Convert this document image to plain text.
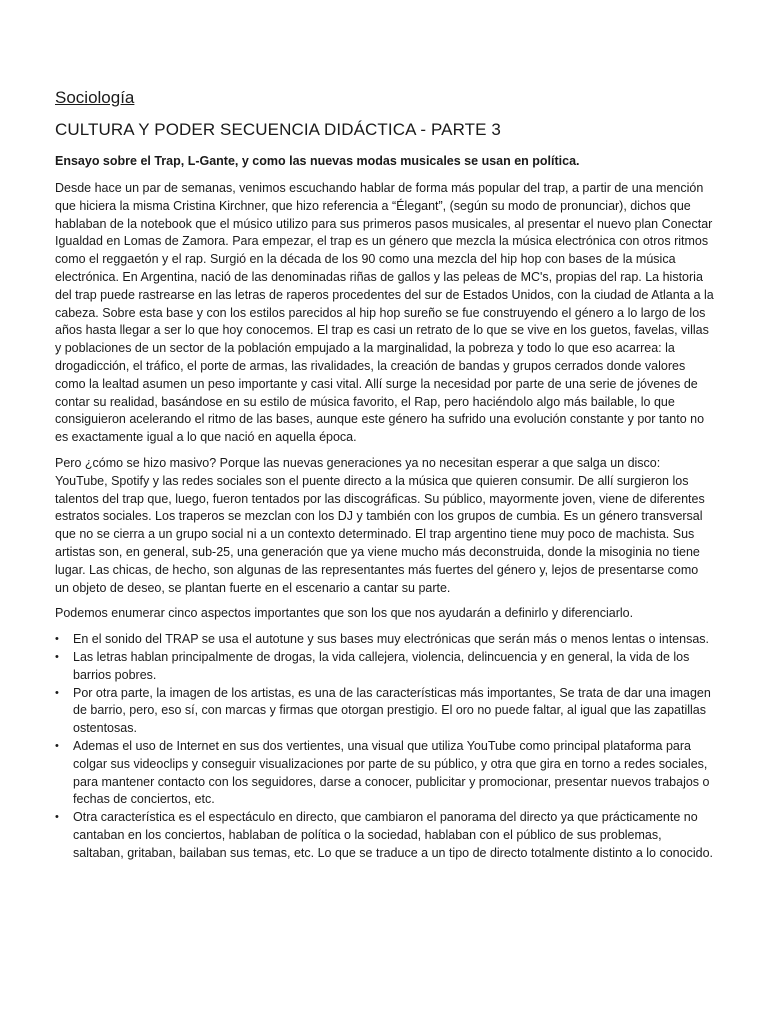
Sociología
CULTURA Y PODER SECUENCIA DIDÁCTICA - PARTE 3

Ensayo sobre el Trap, L-Gante, y como las nuevas modas musicales se usan en política.

Desde hace un par de semanas, venimos escuchando hablar de forma más popular del trap, a partir de una mención que hiciera la misma Cristina Kirchner, que hizo referencia a “Élegant”, (según su modo de pronunciar), dichos que hablaban de la notebook que el músico utilizo para sus primeros pasos musicales, al presentar el nuevo plan Conectar Igualdad en Lomas de Zamora. Para empezar, el trap es un género que mezcla la música electrónica con otros ritmos como el reggaetón y el rap. Surgió en la década de los 90 como una mezcla del hip hop con bases de la música electrónica. En Argentina, nació de las denominadas riñas de gallos y las peleas de MC's, propias del rap. La historia del trap puede rastrearse en las letras de raperos procedentes del sur de Estados Unidos, con la ciudad de Atlanta a la cabeza. Sobre esta base y con los estilos parecidos al hip hop sureño se fue construyendo el género a lo largo de los años hasta llegar a ser lo que hoy conocemos. El trap es casi un retrato de lo que se vive en los guetos, favelas, villas y poblaciones de un sector de la población empujado a la marginalidad, la pobreza y todo lo que eso acarrea: la drogadicción, el tráfico, el porte de armas, las rivalidades, la creación de bandas y grupos cerrados donde valores como la lealtad asumen un peso importante y casi vital. Allí surge la necesidad por parte de una serie de jóvenes de contar su realidad, basándose en su estilo de música favorito, el Rap, pero haciéndolo algo más bailable, lo que consiguieron acelerando el ritmo de las bases, aunque este género ha sufrido una evolución constante y por tanto no es exactamente igual a lo que nació en aquella época.

Pero ¿cómo se hizo masivo? Porque las nuevas generaciones ya no necesitan esperar a que salga un disco: YouTube, Spotify y las redes sociales son el puente directo a la música que quieren consumir. De allí surgieron los talentos del trap que, luego, fueron tentados por las discográficas. Su público, mayormente joven, viene de diferentes estratos sociales. Los traperos se mezclan con los DJ y también con los grupos de cumbia. Es un género transversal que no se cierra a un grupo social ni a un contexto determinado. El trap argentino tiene muy poco de machista. Sus artistas son, en general, sub-25, una generación que ya viene mucho más deconstruida, donde la misoginia no tiene lugar. Las chicas, de hecho, son algunas de las representantes más fuertes del género y, lejos de presentarse como un objeto de deseo, se plantan fuerte en el escenario a cantar su parte.

Podemos enumerar cinco aspectos importantes que son los que nos ayudarán a definirlo y diferenciarlo.

• En el sonido del TRAP se usa el autotune y sus bases muy electrónicas que serán más o menos lentas o intensas.
• Las letras hablan principalmente de drogas, la vida callejera, violencia, delincuencia y en general, la vida de los barrios pobres.
• Por otra parte, la imagen de los artistas, es una de las características más importantes, Se trata de dar una imagen de barrio, pero, eso sí, con marcas y firmas que otorgan prestigio. El oro no puede faltar, al igual que las zapatillas ostentosas.
• Ademas el uso de Internet en sus dos vertientes, una visual que utiliza YouTube como principal plataforma para colgar sus videoclips y conseguir visualizaciones por parte de su público, y otra que gira en torno a redes sociales, para mantener contacto con los seguidores, darse a conocer, publicitar y promocionar, presentar nuevos trabajos o fechas de conciertos, etc.
• Otra característica es el espectáculo en directo, que cambiaron el panorama del directo ya que prácticamente no cantaban en los conciertos, hablaban de política o la sociedad, hablaban con el público de sus problemas, saltaban, gritaban, bailaban sus temas, etc. Lo que se traduce a un tipo de directo totalmente distinto a lo conocido.
